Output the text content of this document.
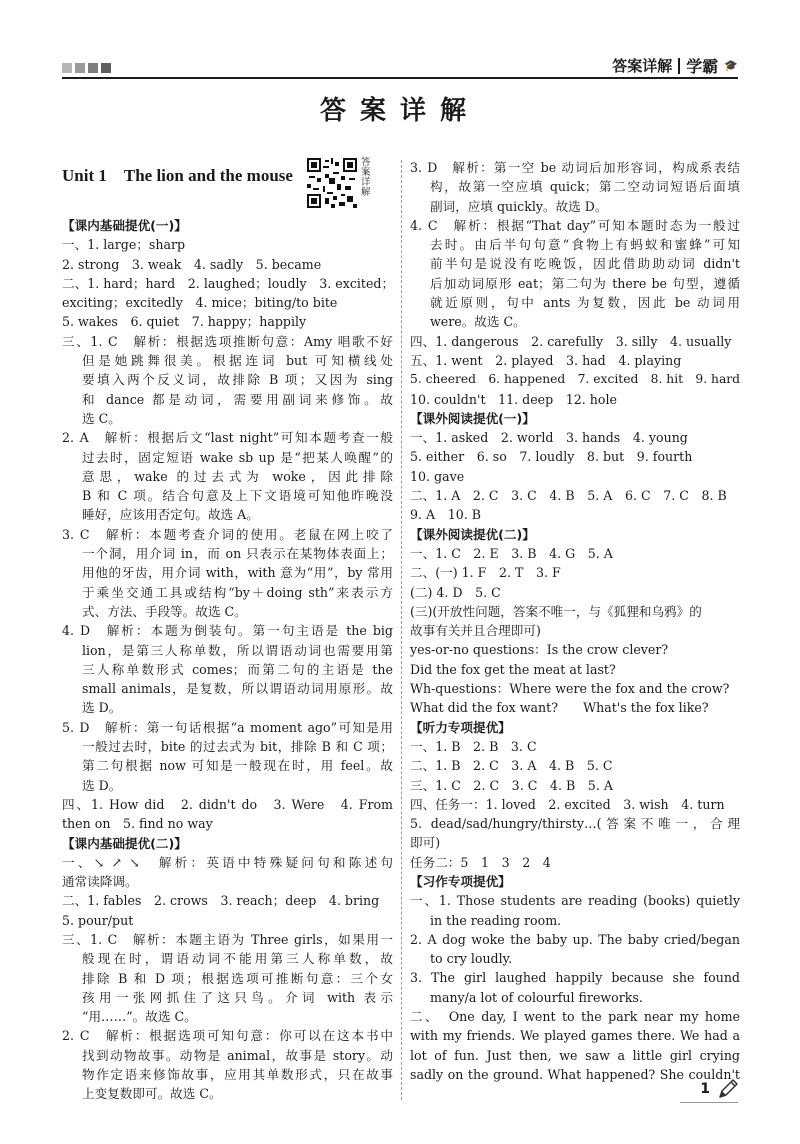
答案详解 学霸 🎓
答案详解
Unit 1　The lion and the mouse
答案详解
【课内基础提优(一)】
一、1. large；sharp
2. strong　3. weak　4. sadly　5. became
二、1. hard；hard　2. laughed；loudly　3. excited；
exciting；excitedly　4. mice；biting/to bite
5. wakes　6. quiet　7. happy；happily
三、1. C　解析：根据选项推断句意：Amy 唱歌不好
但是她跳舞很美。根据连词 but 可知横线处
要填入两个反义词，故排除 B 项；又因为 sing
和 dance 都是动词，需要用副词来修饰。故
选 C。
2. A　解析：根据后文“last night”可知本题考查一般
过去时，固定短语 wake sb up 是“把某人唤醒”的
意思，wake 的过去式为 woke，因此排除
B 和 C 项。结合句意及上下文语境可知他昨晚没
睡好，应该用否定句。故选 A。
3. C　解析：本题考查介词的使用。老鼠在网上咬了
一个洞，用介词 in，而 on 只表示在某物体表面上；
用他的牙齿，用介词 with，with 意为“用”，by 常用
于乘坐交通工具或结构“by＋doing sth”来表示方
式、方法、手段等。故选 C。
4. D　解析：本题为倒装句。第一句主语是 the big
lion，是第三人称单数，所以谓语动词也需要用第
三人称单数形式 comes；而第二句的主语是 the
small animals，是复数，所以谓语动词用原形。故
选 D。
5. D　解析：第一句话根据“a moment ago”可知是用
一般过去时，bite 的过去式为 bit，排除 B 和 C 项；
第二句根据 now 可知是一般现在时，用 feel。故
选 D。
四、1. How did　2. didn't do　3. Were　4. From
then on　5. find no way
【课内基础提优(二)】
一、↘ ↗ ↘　解析：英语中特殊疑问句和陈述句
通常读降调。
二、1. fables　2. crows　3. reach；deep　4. bring
5. pour/put
三、1. C　解析：本题主语为 Three girls，如果用一
般现在时，谓语动词不能用第三人称单数，故
排除 B 和 D 项；根据选项可推断句意：三个女
孩用一张网抓住了这只鸟。介词 with 表示
“用……”。故选 C。
2. C　解析：根据选项可知句意：你可以在这本书中
找到动物故事。动物是 animal，故事是 story。动
物作定语来修饰故事，应用其单数形式，只在故事
上变复数即可。故选 C。
3. D　解析：第一空 be 动词后加形容词，构成系表结
构，故第一空应填 quick；第二空动词短语后面填
副词，应填 quickly。故选 D。
4. C　解析：根据“That day”可知本题时态为一般过
去时。由后半句句意“食物上有蚂蚁和蜜蜂”可知
前半句是说没有吃晚饭，因此借助助动词 didn't
后加动词原形 eat；第二句为 there be 句型，遵循
就近原则，句中 ants 为复数，因此 be 动词用
were。故选 C。
四、1. dangerous　2. carefully　3. silly　4. usually
五、1. went　2. played　3. had　4. playing
5. cheered　6. happened　7. excited　8. hit　9. hard
10. couldn't　11. deep　12. hole
【课外阅读提优(一)】
一、1. asked　2. world　3. hands　4. young
5. either　6. so　7. loudly　8. but　9. fourth
10. gave
二、1. A　2. C　3. C　4. B　5. A　6. C　7. C　8. B
9. A　10. B
【课外阅读提优(二)】
一、1. C　2. E　3. B　4. G　5. A
二、(一) 1. F　2. T　3. F
(二) 4. D　5. C
(三)(开放性问题，答案不唯一，与《狐狸和乌鸦》的
故事有关并且合理即可)
yes-or-no questions：Is the crow clever?
Did the fox get the meat at last?
Wh-questions：Where were the fox and the crow?
What did the fox want?　　What's the fox like?
【听力专项提优】
一、1. B　2. B　3. C
二、1. B　2. C　3. A　4. B　5. C
三、1. C　2. C　3. C　4. B　5. A
四、任务一：1. loved　2. excited　3. wish　4. turn
5. dead/sad/hungry/thirsty…(答案不唯一，合理
即可)
任务二：5　1　3　2　4
【习作专项提优】
一、1. Those students are reading (books) quietly
in the reading room.
2. A dog woke the baby up. The baby cried/began
to cry loudly.
3. The girl laughed happily because she found
many/a lot of colourful fireworks.
二、　One day, I went to the park near my home
with my friends. We played games there. We had a
lot of fun. Just then, we saw a little girl crying
sadly on the ground. What happened? She couldn't
1
